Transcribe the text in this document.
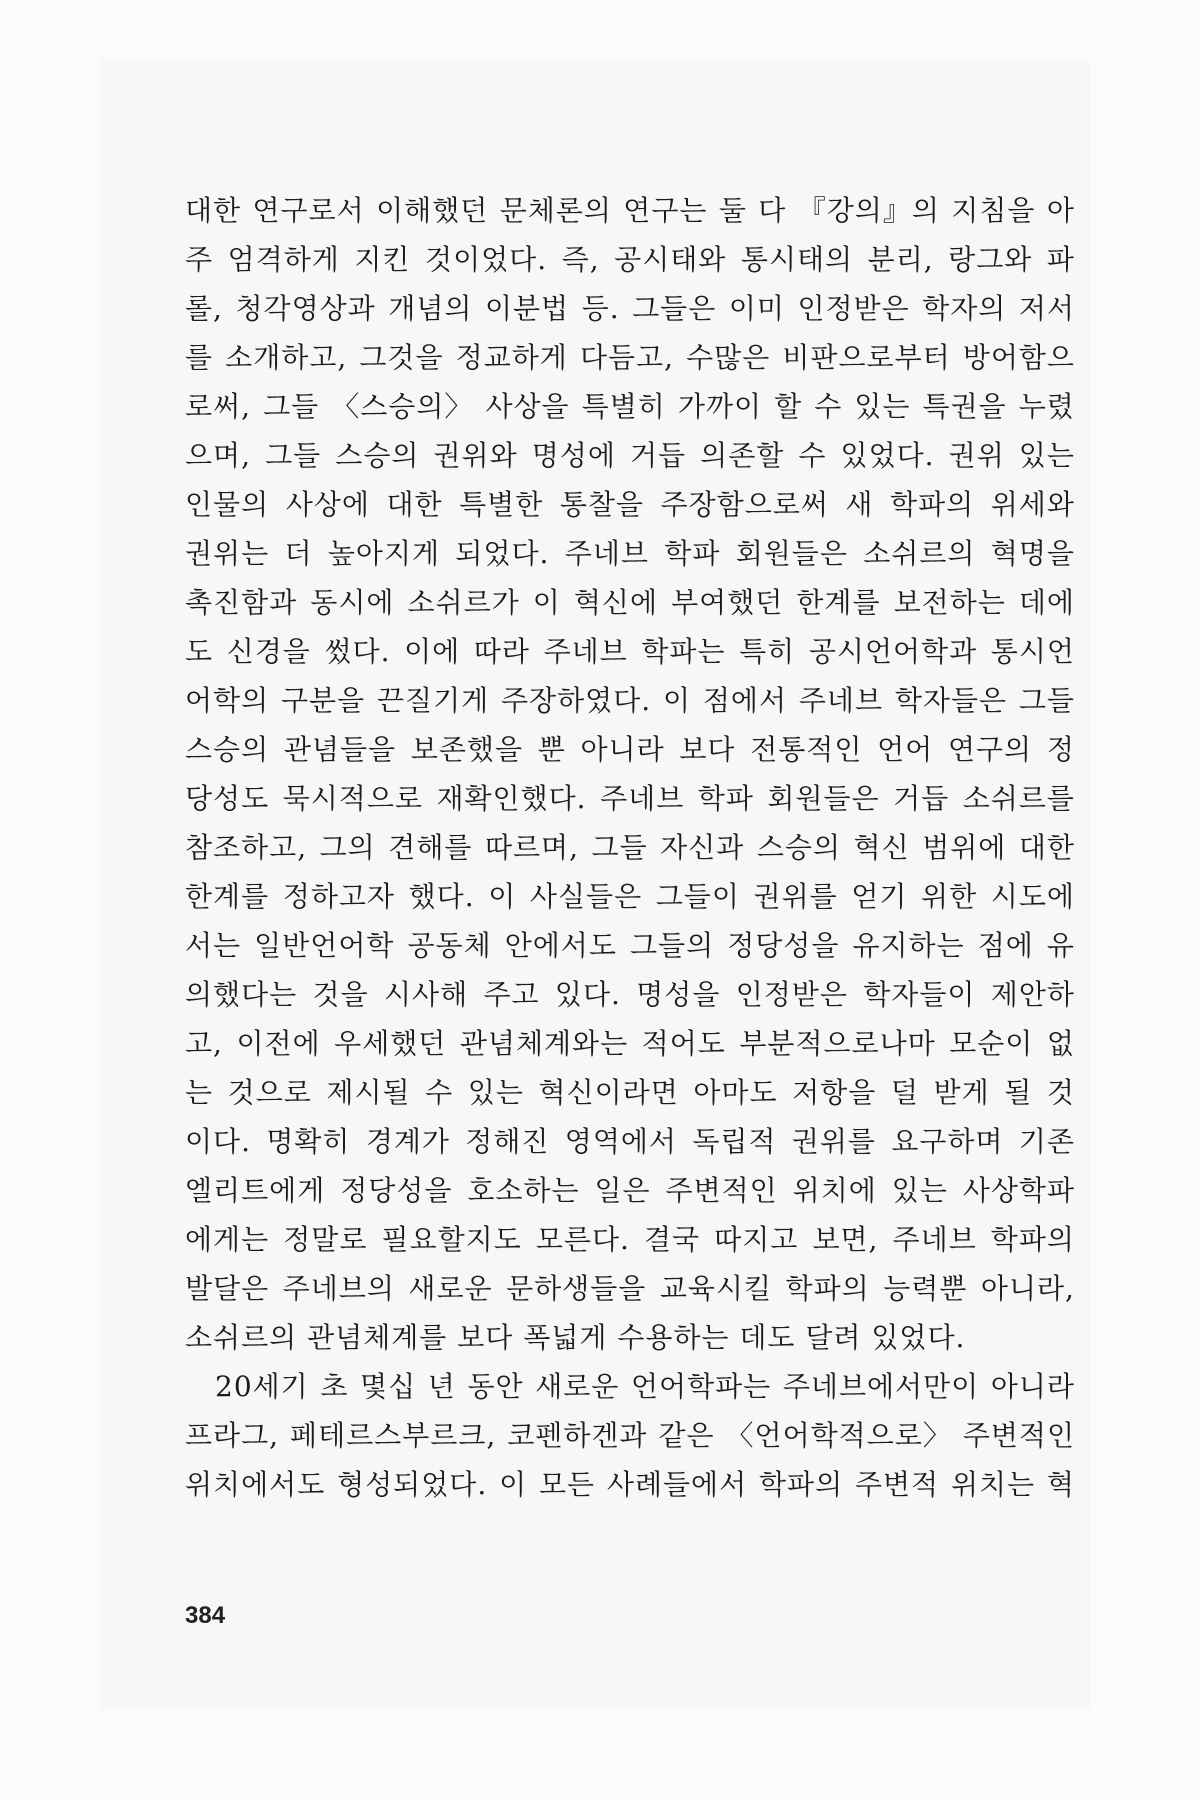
대한 연구로서 이해했던 문체론의 연구는 둘 다 『강의』의 지침을 아
주 엄격하게 지킨 것이었다. 즉, 공시태와 통시태의 분리, 랑그와 파
롤, 청각영상과 개념의 이분법 등. 그들은 이미 인정받은 학자의 저서
를 소개하고, 그것을 정교하게 다듬고, 수많은 비판으로부터 방어함으
로써, 그들 〈스승의〉 사상을 특별히 가까이 할 수 있는 특권을 누렸
으며, 그들 스승의 권위와 명성에 거듭 의존할 수 있었다. 권위 있는
인물의 사상에 대한 특별한 통찰을 주장함으로써 새 학파의 위세와
권위는 더 높아지게 되었다. 주네브 학파 회원들은 소쉬르의 혁명을
촉진함과 동시에 소쉬르가 이 혁신에 부여했던 한계를 보전하는 데에
도 신경을 썼다. 이에 따라 주네브 학파는 특히 공시언어학과 통시언
어학의 구분을 끈질기게 주장하였다. 이 점에서 주네브 학자들은 그들
스승의 관념들을 보존했을 뿐 아니라 보다 전통적인 언어 연구의 정
당성도 묵시적으로 재확인했다. 주네브 학파 회원들은 거듭 소쉬르를
참조하고, 그의 견해를 따르며, 그들 자신과 스승의 혁신 범위에 대한
한계를 정하고자 했다. 이 사실들은 그들이 권위를 얻기 위한 시도에
서는 일반언어학 공동체 안에서도 그들의 정당성을 유지하는 점에 유
의했다는 것을 시사해 주고 있다. 명성을 인정받은 학자들이 제안하
고, 이전에 우세했던 관념체계와는 적어도 부분적으로나마 모순이 없
는 것으로 제시될 수 있는 혁신이라면 아마도 저항을 덜 받게 될 것
이다. 명확히 경계가 정해진 영역에서 독립적 권위를 요구하며 기존
엘리트에게 정당성을 호소하는 일은 주변적인 위치에 있는 사상학파
에게는 정말로 필요할지도 모른다. 결국 따지고 보면, 주네브 학파의
발달은 주네브의 새로운 문하생들을 교육시킬 학파의 능력뿐 아니라,
소쉬르의 관념체계를 보다 폭넓게 수용하는 데도 달려 있었다.
20세기 초 몇십 년 동안 새로운 언어학파는 주네브에서만이 아니라
프라그, 페테르스부르크, 코펜하겐과 같은 〈언어학적으로〉 주변적인
위치에서도 형성되었다. 이 모든 사례들에서 학파의 주변적 위치는 혁
384
